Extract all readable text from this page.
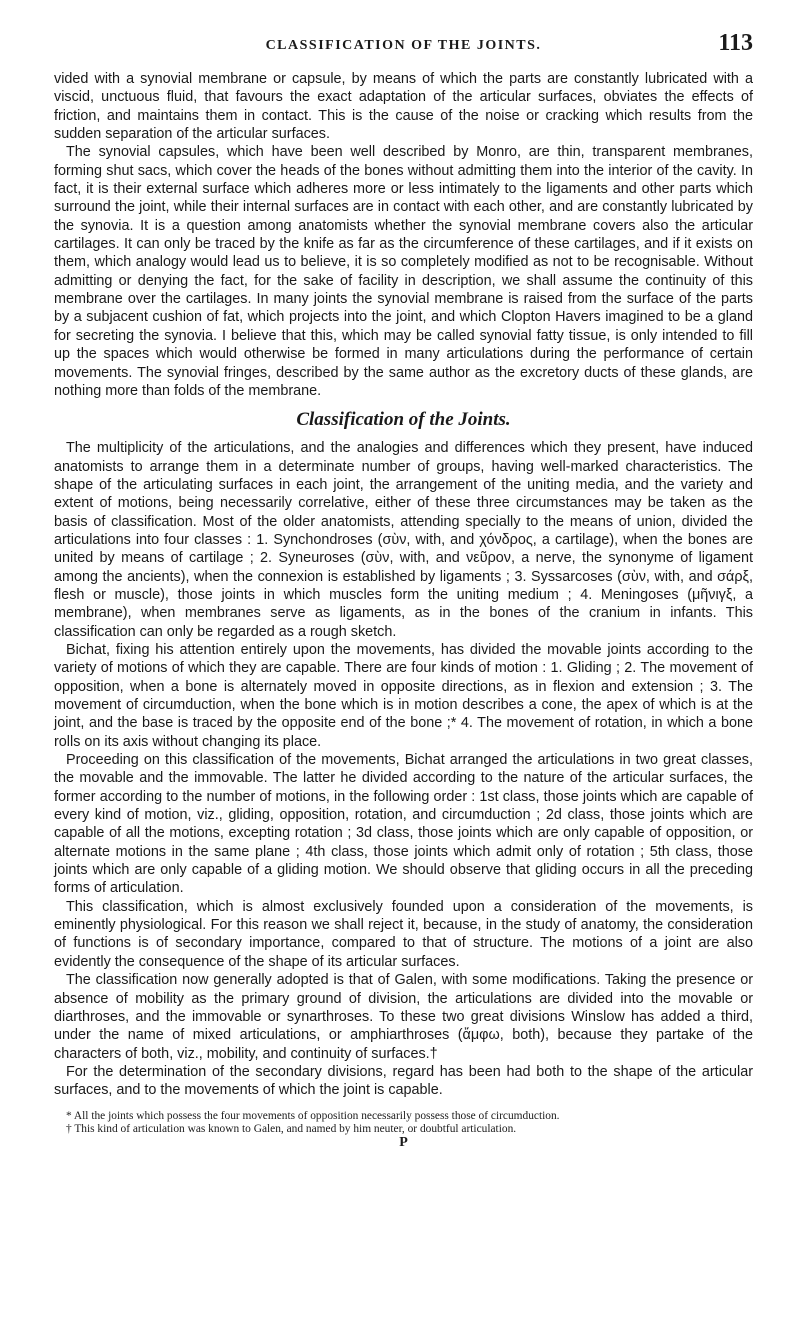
CLASSIFICATION OF THE JOINTS.	113

vided with a synovial membrane or capsule, by means of which the parts are constantly lubricated with a viscid, unctuous fluid, that favours the exact adaptation of the articular surfaces, obviates the effects of friction, and maintains them in contact. This is the cause of the noise or cracking which results from the sudden separation of the articular surfaces.

The synovial capsules, which have been well described by Monro, are thin, transparent membranes, forming shut sacs, which cover the heads of the bones without admitting them into the interior of the cavity. In fact, it is their external surface which adheres more or less intimately to the ligaments and other parts which surround the joint, while their internal surfaces are in contact with each other, and are constantly lubricated by the synovia. It is a question among anatomists whether the synovial membrane covers also the articular cartilages. It can only be traced by the knife as far as the circumference of these cartilages, and if it exists on them, which analogy would lead us to believe, it is so completely modified as not to be recognisable. Without admitting or denying the fact, for the sake of facility in description, we shall assume the continuity of this membrane over the cartilages. In many joints the synovial membrane is raised from the surface of the parts by a subjacent cushion of fat, which projects into the joint, and which Clopton Havers imagined to be a gland for secreting the synovia. I believe that this, which may be called synovial fatty tissue, is only intended to fill up the spaces which would otherwise be formed in many articulations during the performance of certain movements. The synovial fringes, described by the same author as the excretory ducts of these glands, are nothing more than folds of the membrane.

Classification of the Joints.

The multiplicity of the articulations, and the analogies and differences which they present, have induced anatomists to arrange them in a determinate number of groups, having well-marked characteristics. The shape of the articulating surfaces in each joint, the arrangement of the uniting media, and the variety and extent of motions, being necessarily correlative, either of these three circumstances may be taken as the basis of classification. Most of the older anatomists, attending specially to the means of union, divided the articulations into four classes : 1. Synchondroses (σὺν, with, and χόνδρος, a cartilage), when the bones are united by means of cartilage ; 2. Syneuroses (σὺν, with, and νεῦρον, a nerve, the synonyme of ligament among the ancients), when the connexion is established by ligaments ; 3. Syssarcoses (σὺν, with, and σάρξ, flesh or muscle), those joints in which muscles form the uniting medium ; 4. Meningoses (μῆνιγξ, a membrane), when membranes serve as ligaments, as in the bones of the cranium in infants. This classification can only be regarded as a rough sketch.

Bichat, fixing his attention entirely upon the movements, has divided the movable joints according to the variety of motions of which they are capable. There are four kinds of motion : 1. Gliding ; 2. The movement of opposition, when a bone is alternately moved in opposite directions, as in flexion and extension ; 3. The movement of circumduction, when the bone which is in motion describes a cone, the apex of which is at the joint, and the base is traced by the opposite end of the bone ;* 4. The movement of rotation, in which a bone rolls on its axis without changing its place.

Proceeding on this classification of the movements, Bichat arranged the articulations in two great classes, the movable and the immovable. The latter he divided according to the nature of the articular surfaces, the former according to the number of motions, in the following order : 1st class, those joints which are capable of every kind of motion, viz., gliding, opposition, rotation, and circumduction ; 2d class, those joints which are capable of all the motions, excepting rotation ; 3d class, those joints which are only capable of opposition, or alternate motions in the same plane ; 4th class, those joints which admit only of rotation ; 5th class, those joints which are only capable of a gliding motion. We should observe that gliding occurs in all the preceding forms of articulation.

This classification, which is almost exclusively founded upon a consideration of the movements, is eminently physiological. For this reason we shall reject it, because, in the study of anatomy, the consideration of functions is of secondary importance, compared to that of structure. The motions of a joint are also evidently the consequence of the shape of its articular surfaces.

The classification now generally adopted is that of Galen, with some modifications. Taking the presence or absence of mobility as the primary ground of division, the articulations are divided into the movable or diarthroses, and the immovable or synarthroses. To these two great divisions Winslow has added a third, under the name of mixed articulations, or amphiarthroses (ἄμφω, both), because they partake of the characters of both, viz., mobility, and continuity of surfaces.†

For the determination of the secondary divisions, regard has been had both to the shape of the articular surfaces, and to the movements of which the joint is capable.

* All the joints which possess the four movements of opposition necessarily possess those of circumduction.

† This kind of articulation was known to Galen, and named by him neuter, or doubtful articulation.

P
